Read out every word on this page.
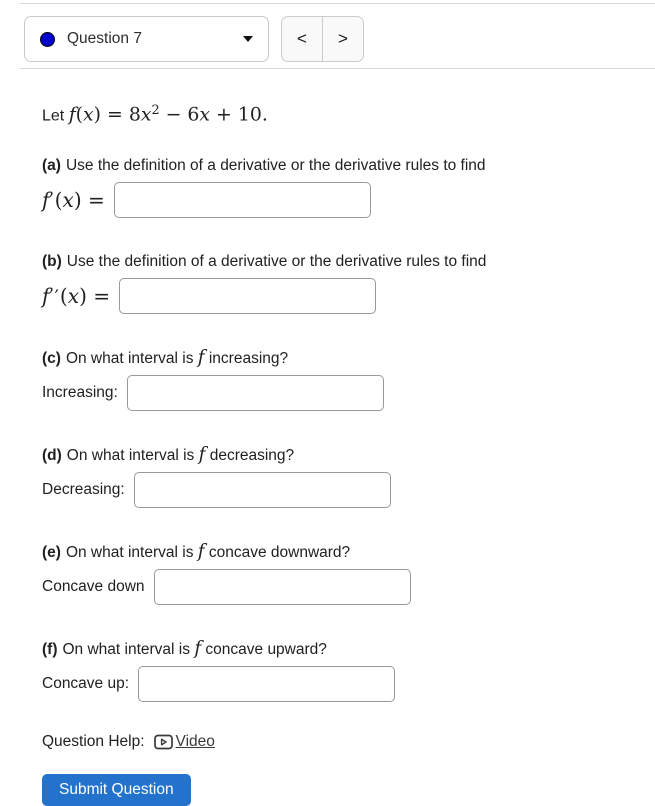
Question 7	< >

Let $f(x) = 8x^2 - 6x + 10$.

(a) Use the definition of a derivative or the derivative rules to find

f′(x) =

(b) Use the definition of a derivative or the derivative rules to find

f′′(x) =

(c) On what interval is f increasing?

Increasing:

(d) On what interval is f decreasing?

Decreasing:

(e) On what interval is f concave downward?

Concave down

(f) On what interval is f concave upward?

Concave up:
Question Help: Video
Submit Question
